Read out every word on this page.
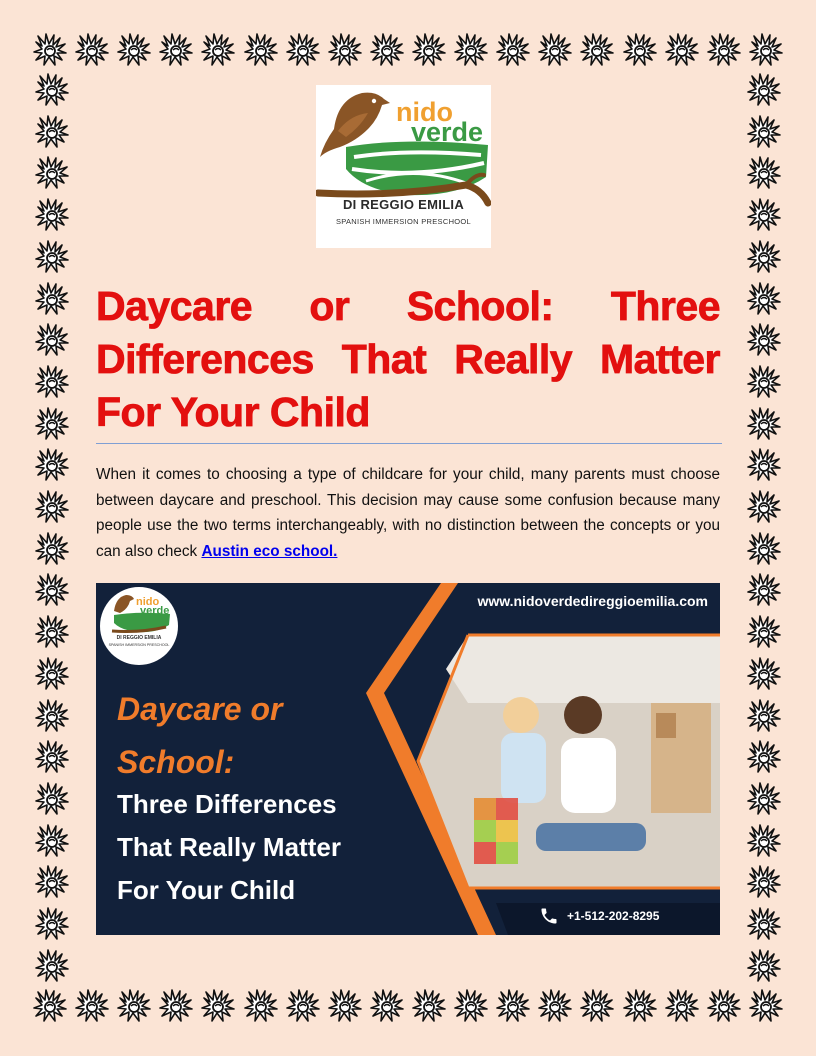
nido
verde
DI REGGIO EMILIA
SPANISH IMMERSION PRESCHOOL
Daycare or School: Three Differences That Really Matter For Your Child

When it comes to choosing a type of childcare for your child, many parents must choose between daycare and preschool. This decision may cause some confusion because many people use the two terms interchangeably, with no distinction between the concepts or you can also check Austin eco school.

nido
verde
DI REGGIO EMILIA
SPANISH IMMERSION PRESCHOOL
www.nidoverdedireggioemilia.com
Daycare or
School:
Three Differences
That Really Matter
For Your Child
+1-512-202-8295
